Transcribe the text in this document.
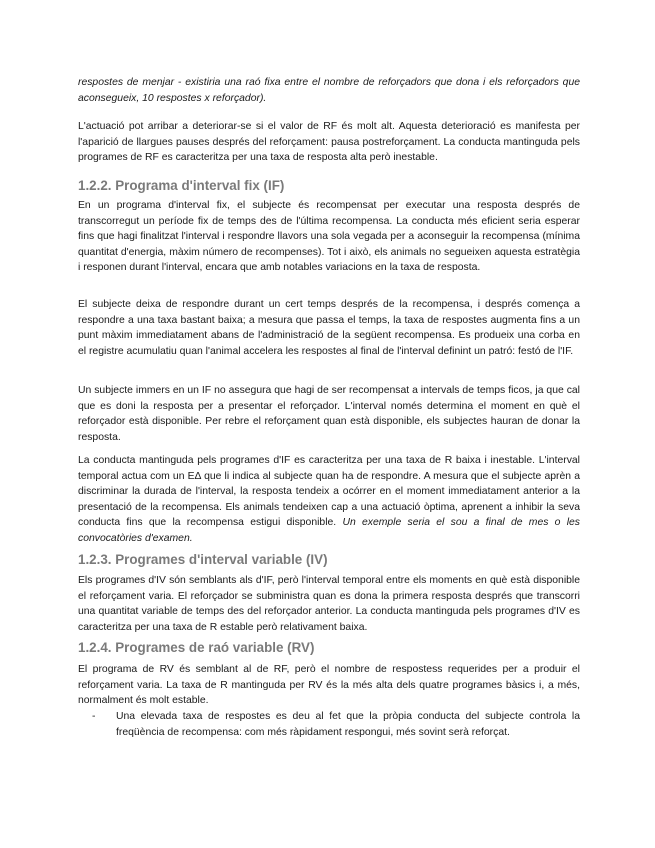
respostes de menjar - existiria una raó fixa entre el nombre de reforçadors que dona i els reforçadors que aconsegueix, 10 respostes x reforçador).
L'actuació pot arribar a deteriorar-se si el valor de RF és molt alt. Aquesta deterioració es manifesta per l'aparició de llargues pauses després del reforçament: pausa postreforçament. La conducta mantinguda pels programes de RF es caracteritza per una taxa de resposta alta però inestable.
1.2.2. Programa d'interval fix (IF)
En un programa d'interval fix, el subjecte és recompensat per executar una resposta després de transcorregut un període fix de temps des de l'última recompensa. La conducta més eficient seria esperar fins que hagi finalitzat l'interval i respondre llavors una sola vegada per a aconseguir la recompensa (mínima quantitat d'energia, màxim número de recompenses). Tot i això, els animals no segueixen aquesta estratègia i responen durant l'interval, encara que amb notables variacions en la taxa de resposta.
El subjecte deixa de respondre durant un cert temps després de la recompensa, i després comença a respondre a una taxa bastant baixa; a mesura que passa el temps, la taxa de respostes augmenta fins a un punt màxim immediatament abans de l'administració de la següent recompensa. Es produeix una corba en el registre acumulatiu quan l'animal accelera les respostes al final de l'interval definint un patró: festó de l'IF.
Un subjecte immers en un IF no assegura que hagi de ser recompensat a intervals de temps ficos, ja que cal que es doni la resposta per a presentar el reforçador. L'interval només determina el moment en què el reforçador està disponible. Per rebre el reforçament quan està disponible, els subjectes hauran de donar la resposta.
La conducta mantinguda pels programes d'IF es caracteritza per una taxa de R baixa i inestable. L'interval temporal actua com un EΔ que li indica al subjecte quan ha de respondre. A mesura que el subjecte aprèn a discriminar la durada de l'interval, la resposta tendeix a ocórrer en el moment immediatament anterior a la presentació de la recompensa. Els animals tendeixen cap a una actuació òptima, aprenent a inhibir la seva conducta fins que la recompensa estigui disponible. Un exemple seria el sou a final de mes o les convocatòries d'examen.
1.2.3. Programes d'interval variable (IV)
Els programes d'IV són semblants als d'IF, però l'interval temporal entre els moments en què està disponible el reforçament varia. El reforçador se subministra quan es dona la primera resposta després que transcorri una quantitat variable de temps des del reforçador anterior. La conducta mantinguda pels programes d'IV es caracteritza per una taxa de R estable però relativament baixa.
1.2.4. Programes de raó variable (RV)
El programa de RV és semblant al de RF, però el nombre de respostess requerides per a produir el reforçament varia. La taxa de R mantinguda per RV és la més alta dels quatre programes bàsics i, a més, normalment és molt estable.
- Una elevada taxa de respostes es deu al fet que la pròpia conducta del subjecte controla la freqüència de recompensa: com més ràpidament respongui, més sovint serà reforçat.
